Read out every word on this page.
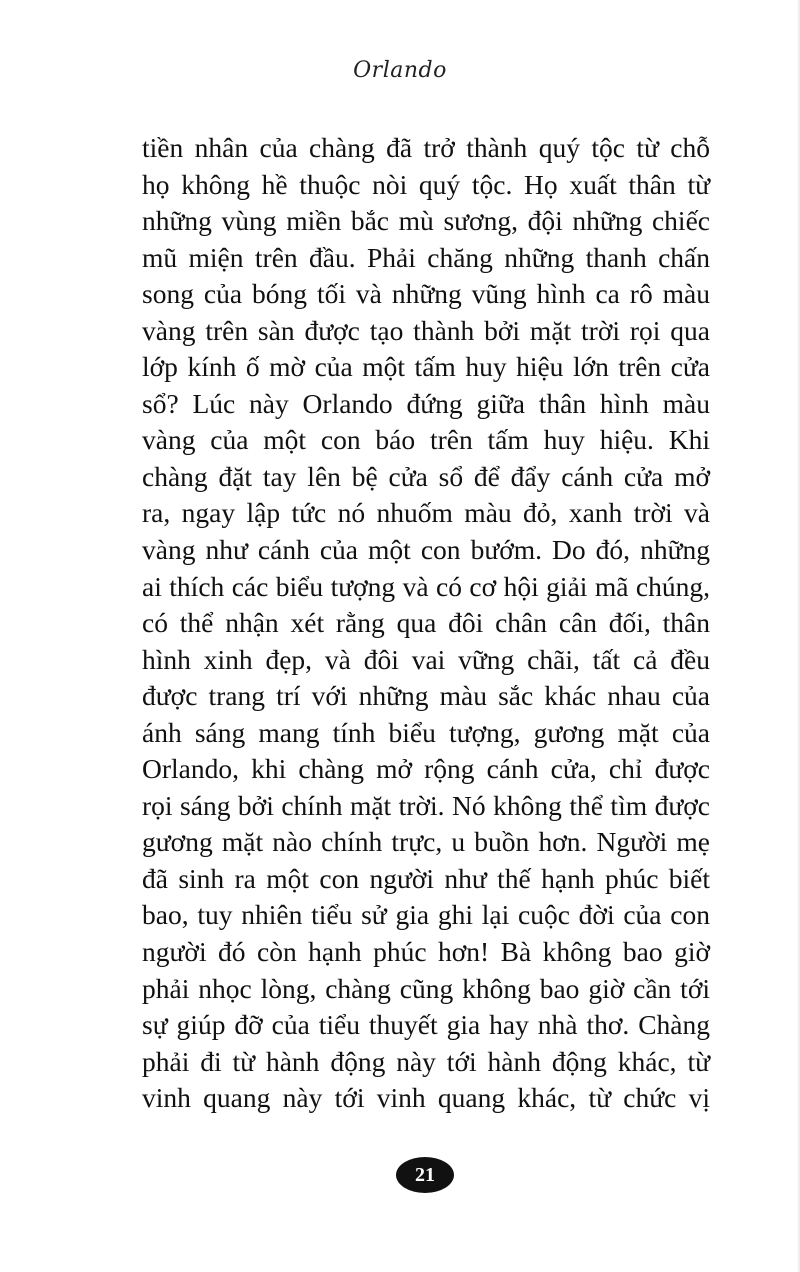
Orlando
tiền nhân của chàng đã trở thành quý tộc từ chỗ
họ không hề thuộc nòi quý tộc. Họ xuất thân từ
những vùng miền bắc mù sương, đội những chiếc
mũ miện trên đầu. Phải chăng những thanh chấn
song của bóng tối và những vũng hình ca rô màu
vàng trên sàn được tạo thành bởi mặt trời rọi qua
lớp kính ố mờ của một tấm huy hiệu lớn trên cửa
sổ? Lúc này Orlando đứng giữa thân hình màu
vàng của một con báo trên tấm huy hiệu. Khi
chàng đặt tay lên bệ cửa sổ để đẩy cánh cửa mở
ra, ngay lập tức nó nhuốm màu đỏ, xanh trời và
vàng như cánh của một con bướm. Do đó, những
ai thích các biểu tượng và có cơ hội giải mã chúng,
có thể nhận xét rằng qua đôi chân cân đối, thân
hình xinh đẹp, và đôi vai vững chãi, tất cả đều
được trang trí với những màu sắc khác nhau của
ánh sáng mang tính biểu tượng, gương mặt của
Orlando, khi chàng mở rộng cánh cửa, chỉ được
rọi sáng bởi chính mặt trời. Nó không thể tìm được
gương mặt nào chính trực, u buồn hơn. Người mẹ
đã sinh ra một con người như thế hạnh phúc biết
bao, tuy nhiên tiểu sử gia ghi lại cuộc đời của con
người đó còn hạnh phúc hơn! Bà không bao giờ
phải nhọc lòng, chàng cũng không bao giờ cần tới
sự giúp đỡ của tiểu thuyết gia hay nhà thơ. Chàng
phải đi từ hành động này tới hành động khác, từ
vinh quang này tới vinh quang khác, từ chức vị
21
